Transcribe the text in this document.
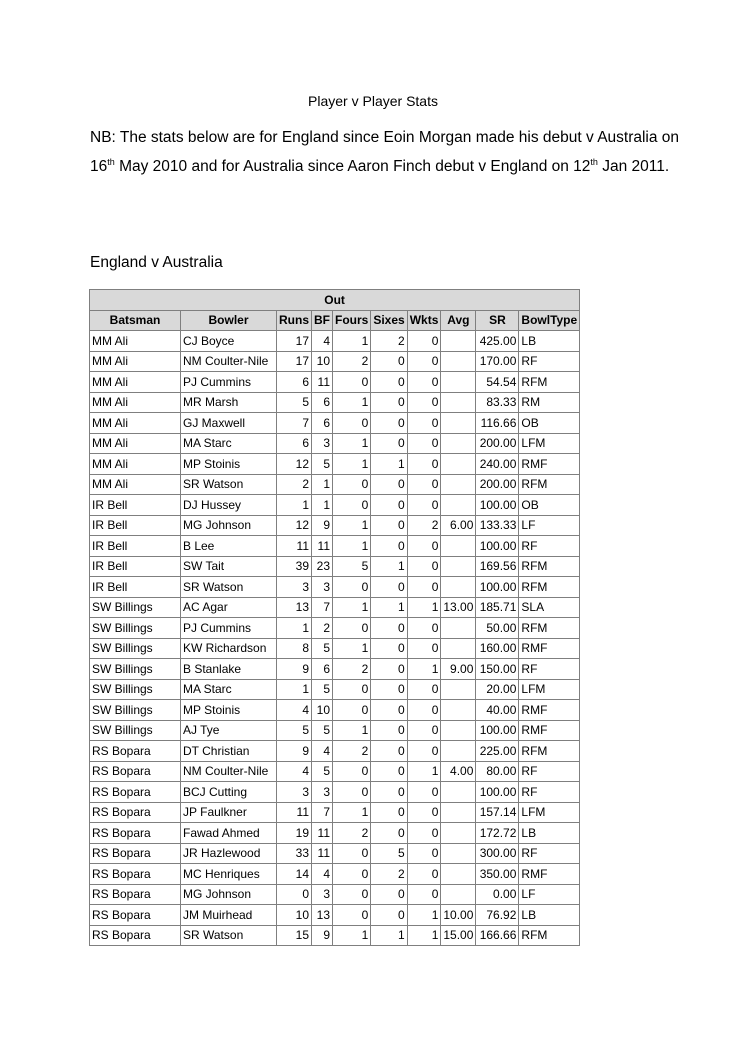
Player v Player Stats
NB: The stats below are for England since Eoin Morgan made his debut v Australia on 16th May 2010 and for Australia since Aaron Finch debut v England on 12th Jan 2011.
England v Australia
Out									
Batsman	Bowler	Runs	BF	Fours	Sixes	Wkts	Avg	SR	BowlType
MM Ali	CJ Boyce	17	4	1	2	0		425.00	LB
MM Ali	NM Coulter-Nile	17	10	2	0	0		170.00	RF
MM Ali	PJ Cummins	6	11	0	0	0		54.54	RFM
MM Ali	MR Marsh	5	6	1	0	0		83.33	RM
MM Ali	GJ Maxwell	7	6	0	0	0		116.66	OB
MM Ali	MA Starc	6	3	1	0	0		200.00	LFM
MM Ali	MP Stoinis	12	5	1	1	0		240.00	RMF
MM Ali	SR Watson	2	1	0	0	0		200.00	RFM
IR Bell	DJ Hussey	1	1	0	0	0		100.00	OB
IR Bell	MG Johnson	12	9	1	0	2	6.00	133.33	LF
IR Bell	B Lee	11	11	1	0	0		100.00	RF
IR Bell	SW Tait	39	23	5	1	0		169.56	RFM
IR Bell	SR Watson	3	3	0	0	0		100.00	RFM
SW Billings	AC Agar	13	7	1	1	1	13.00	185.71	SLA
SW Billings	PJ Cummins	1	2	0	0	0		50.00	RFM
SW Billings	KW Richardson	8	5	1	0	0		160.00	RMF
SW Billings	B Stanlake	9	6	2	0	1	9.00	150.00	RF
SW Billings	MA Starc	1	5	0	0	0		20.00	LFM
SW Billings	MP Stoinis	4	10	0	0	0		40.00	RMF
SW Billings	AJ Tye	5	5	1	0	0		100.00	RMF
RS Bopara	DT Christian	9	4	2	0	0		225.00	RFM
RS Bopara	NM Coulter-Nile	4	5	0	0	1	4.00	80.00	RF
RS Bopara	BCJ Cutting	3	3	0	0	0		100.00	RF
RS Bopara	JP Faulkner	11	7	1	0	0		157.14	LFM
RS Bopara	Fawad Ahmed	19	11	2	0	0		172.72	LB
RS Bopara	JR Hazlewood	33	11	0	5	0		300.00	RF
RS Bopara	MC Henriques	14	4	0	2	0		350.00	RMF
RS Bopara	MG Johnson	0	3	0	0	0		0.00	LF
RS Bopara	JM Muirhead	10	13	0	0	1	10.00	76.92	LB
RS Bopara	SR Watson	15	9	1	1	1	15.00	166.66	RFM
